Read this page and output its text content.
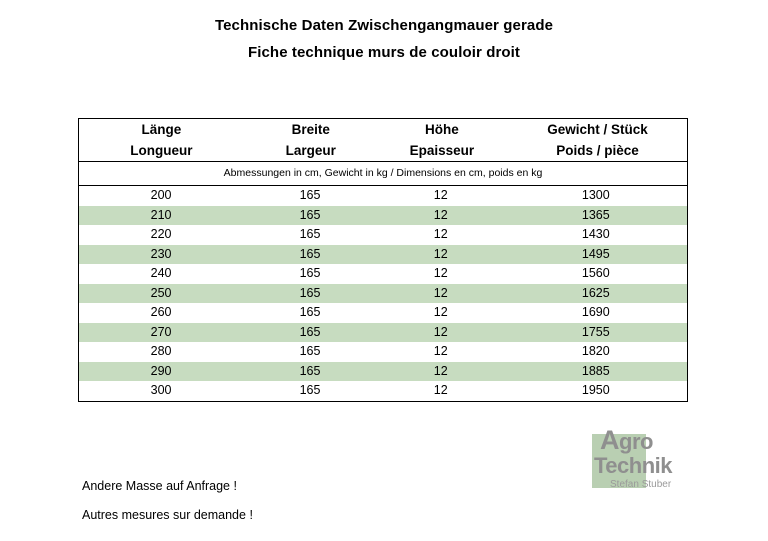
Technische Daten Zwischengangmauer gerade
Fiche technique murs de couloir droit
Länge	Breite	Höhe	Gewicht / Stück
Longueur	Largeur	Epaisseur	Poids / pièce
Abmessungen in cm, Gewicht in kg / Dimensions en cm, poids en kg
200	165	12	1300
210	165	12	1365
220	165	12	1430
230	165	12	1495
240	165	12	1560
250	165	12	1625
260	165	12	1690
270	165	12	1755
280	165	12	1820
290	165	12	1885
300	165	12	1950
Andere Masse auf Anfrage !
Autres mesures sur demande !
Agro
Technik
Stefan Stuber
